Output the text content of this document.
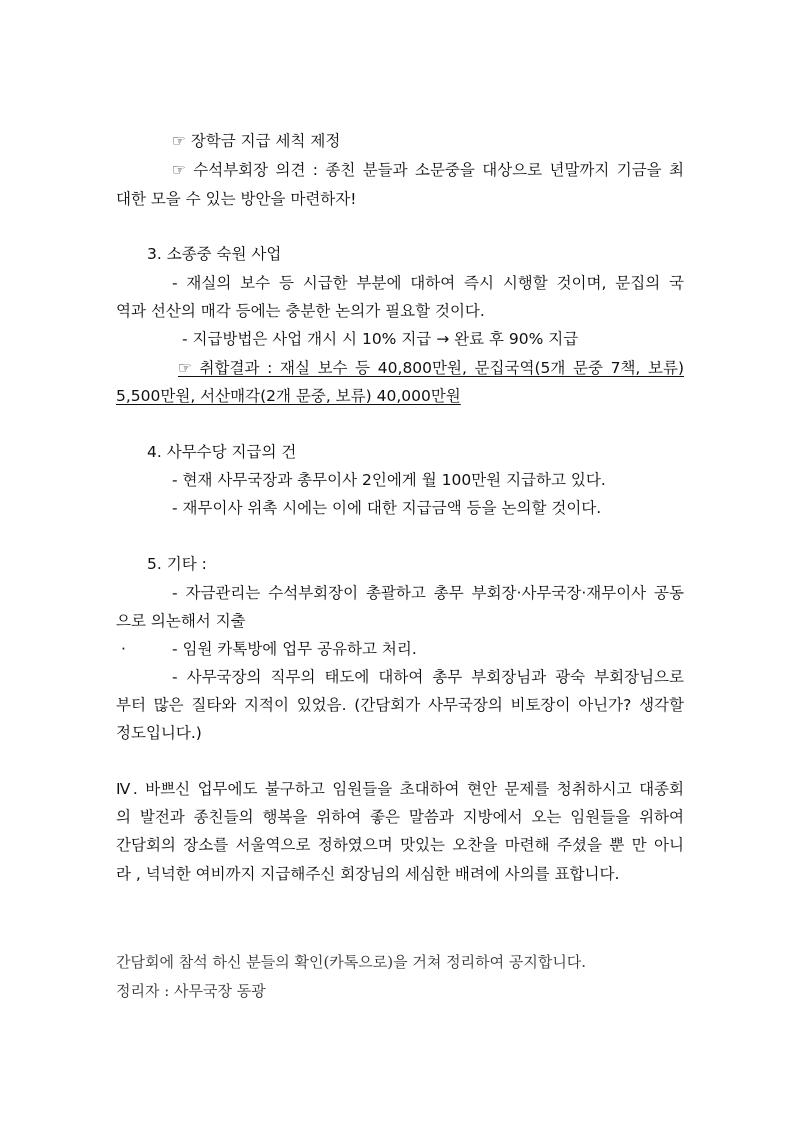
☞ 장학금 지급 세칙 제정
☞ 수석부회장 의견 : 종친 분들과 소문중을 대상으로 년말까지 기금을 최
대한 모을 수 있는 방안을 마련하자!
3. 소종중 숙원 사업
- 재실의 보수 등 시급한 부분에 대하여 즉시 시행할 것이며, 문집의 국
역과 선산의 매각 등에는 충분한 논의가 필요할 것이다.
- 지급방법은 사업 개시 시 10% 지급 → 완료 후 90% 지급
☞ 취합결과 : 재실 보수 등 40,800만원, 문집국역(5개 문중 7책, 보류)
5,500만원, 서산매각(2개 문중, 보류) 40,000만원
4. 사무수당 지급의 건
- 현재 사무국장과 총무이사 2인에게 월 100만원 지급하고 있다.
- 재무이사 위촉 시에는 이에 대한 지급금액 등을 논의할 것이다.
5. 기타 :
- 자금관리는 수석부회장이 총괄하고 총무 부회장·사무국장·재무이사 공동
으로 의논해서 지출
·	- 임원 카톡방에 업무 공유하고 처리.
- 사무국장의 직무의 태도에 대하여 총무 부회장님과 광숙 부회장님으로
부터 많은 질타와 지적이 있었음. (간담회가 사무국장의 비토장이 아닌가? 생각할
정도입니다.)
Ⅳ. 바쁘신 업무에도 불구하고 임원들을 초대하여 현안 문제를 청취하시고 대종회
의 발전과 종친들의 행복을 위하여 좋은 말씀과 지방에서 오는 임원들을 위하여
간담회의 장소를 서울역으로 정하였으며 맛있는 오찬을 마련해 주셨을 뿐 만 아니
라 , 넉넉한 여비까지 지급해주신 회장님의 세심한 배려에 사의를 표합니다.
간담회에 참석 하신 분들의 확인(카톡으로)을 거쳐 정리하여 공지합니다.
정리자 : 사무국장 동광
